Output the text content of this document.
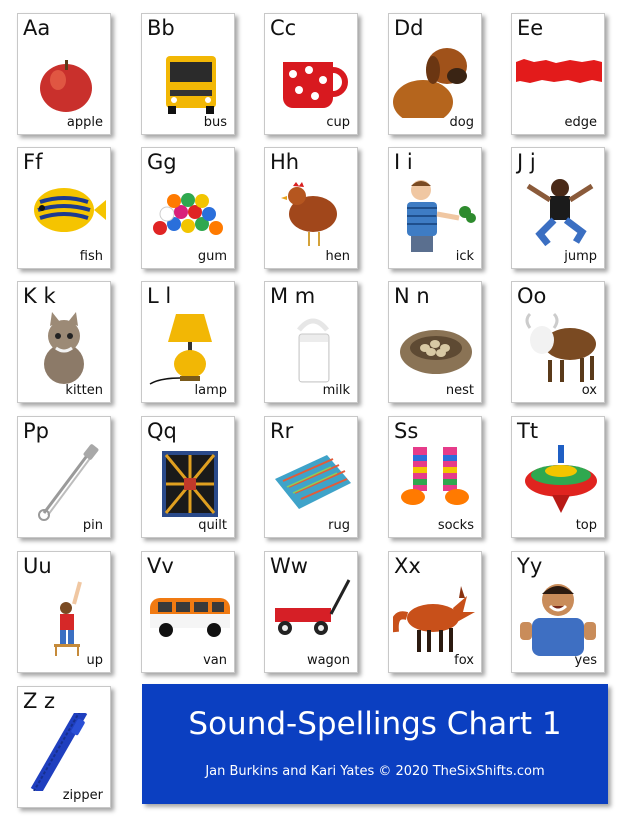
Aa
apple
Bb
bus
Cc
cup
Dd
dog
Ee
edge
Ff
fish
Gg
gum
Hh
hen
I i
ick
J j
jump
K k
kitten
L l
lamp
M m
milk
N n
nest
Oo
ox
Pp
pin
Qq
quilt
Rr
rug
Ss
socks
Tt
top
Uu
up
Vv
van
Ww
wagon
Xx
fox
Yy
yes
Z z
zipper
Sound-Spellings Chart 1
Jan Burkins and Kari Yates © 2020 TheSixShifts.com
